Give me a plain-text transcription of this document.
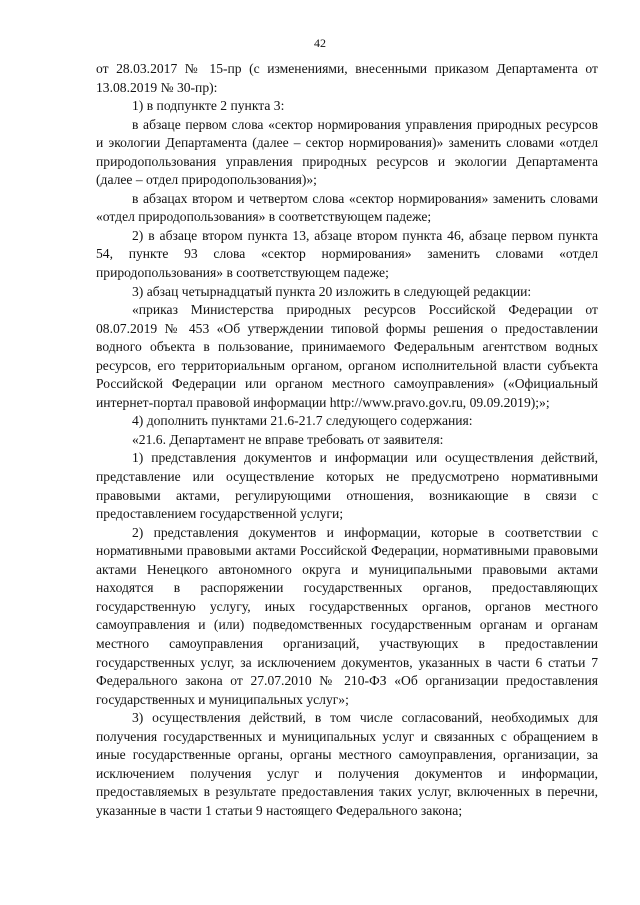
42

от 28.03.2017 № 15-пр (с изменениями, внесенными приказом Департамента от 13.08.2019 № 30-пр):

1) в подпункте 2 пункта 3:

в абзаце первом слова «сектор нормирования управления природных ресурсов и экологии Департамента (далее – сектор нормирования)» заменить словами «отдел природопользования управления природных ресурсов и экологии Департамента (далее – отдел природопользования)»;

в абзацах втором и четвертом слова «сектор нормирования» заменить словами «отдел природопользования» в соответствующем падеже;

2) в абзаце втором пункта 13, абзаце втором пункта 46, абзаце первом пункта 54, пункте 93 слова «сектор нормирования» заменить словами «отдел природопользования» в соответствующем падеже;

3) абзац четырнадцатый пункта 20 изложить в следующей редакции:

«приказ Министерства природных ресурсов Российской Федерации от 08.07.2019 № 453 «Об утверждении типовой формы решения о предоставлении водного объекта в пользование, принимаемого Федеральным агентством водных ресурсов, его территориальным органом, органом исполнительной власти субъекта Российской Федерации или органом местного самоуправления» («Официальный интернет-портал правовой информации http://www.pravo.gov.ru, 09.09.2019);»;

4) дополнить пунктами 21.6-21.7 следующего содержания:

«21.6. Департамент не вправе требовать от заявителя:

1) представления документов и информации или осуществления действий, представление или осуществление которых не предусмотрено нормативными правовыми актами, регулирующими отношения, возникающие в связи с предоставлением государственной услуги;

2) представления документов и информации, которые в соответствии с нормативными правовыми актами Российской Федерации, нормативными правовыми актами Ненецкого автономного округа и муниципальными правовыми актами находятся в распоряжении государственных органов, предоставляющих государственную услугу, иных государственных органов, органов местного самоуправления и (или) подведомственных государственным органам и органам местного самоуправления организаций, участвующих в предоставлении государственных услуг, за исключением документов, указанных в части 6 статьи 7 Федерального закона от 27.07.2010 № 210-ФЗ «Об организации предоставления государственных и муниципальных услуг»;

3) осуществления действий, в том числе согласований, необходимых для получения государственных и муниципальных услуг и связанных с обращением в иные государственные органы, органы местного самоуправления, организации, за исключением получения услуг и получения документов и информации, предоставляемых в результате предоставления таких услуг, включенных в перечни, указанные в части 1 статьи 9 настоящего Федерального закона;
